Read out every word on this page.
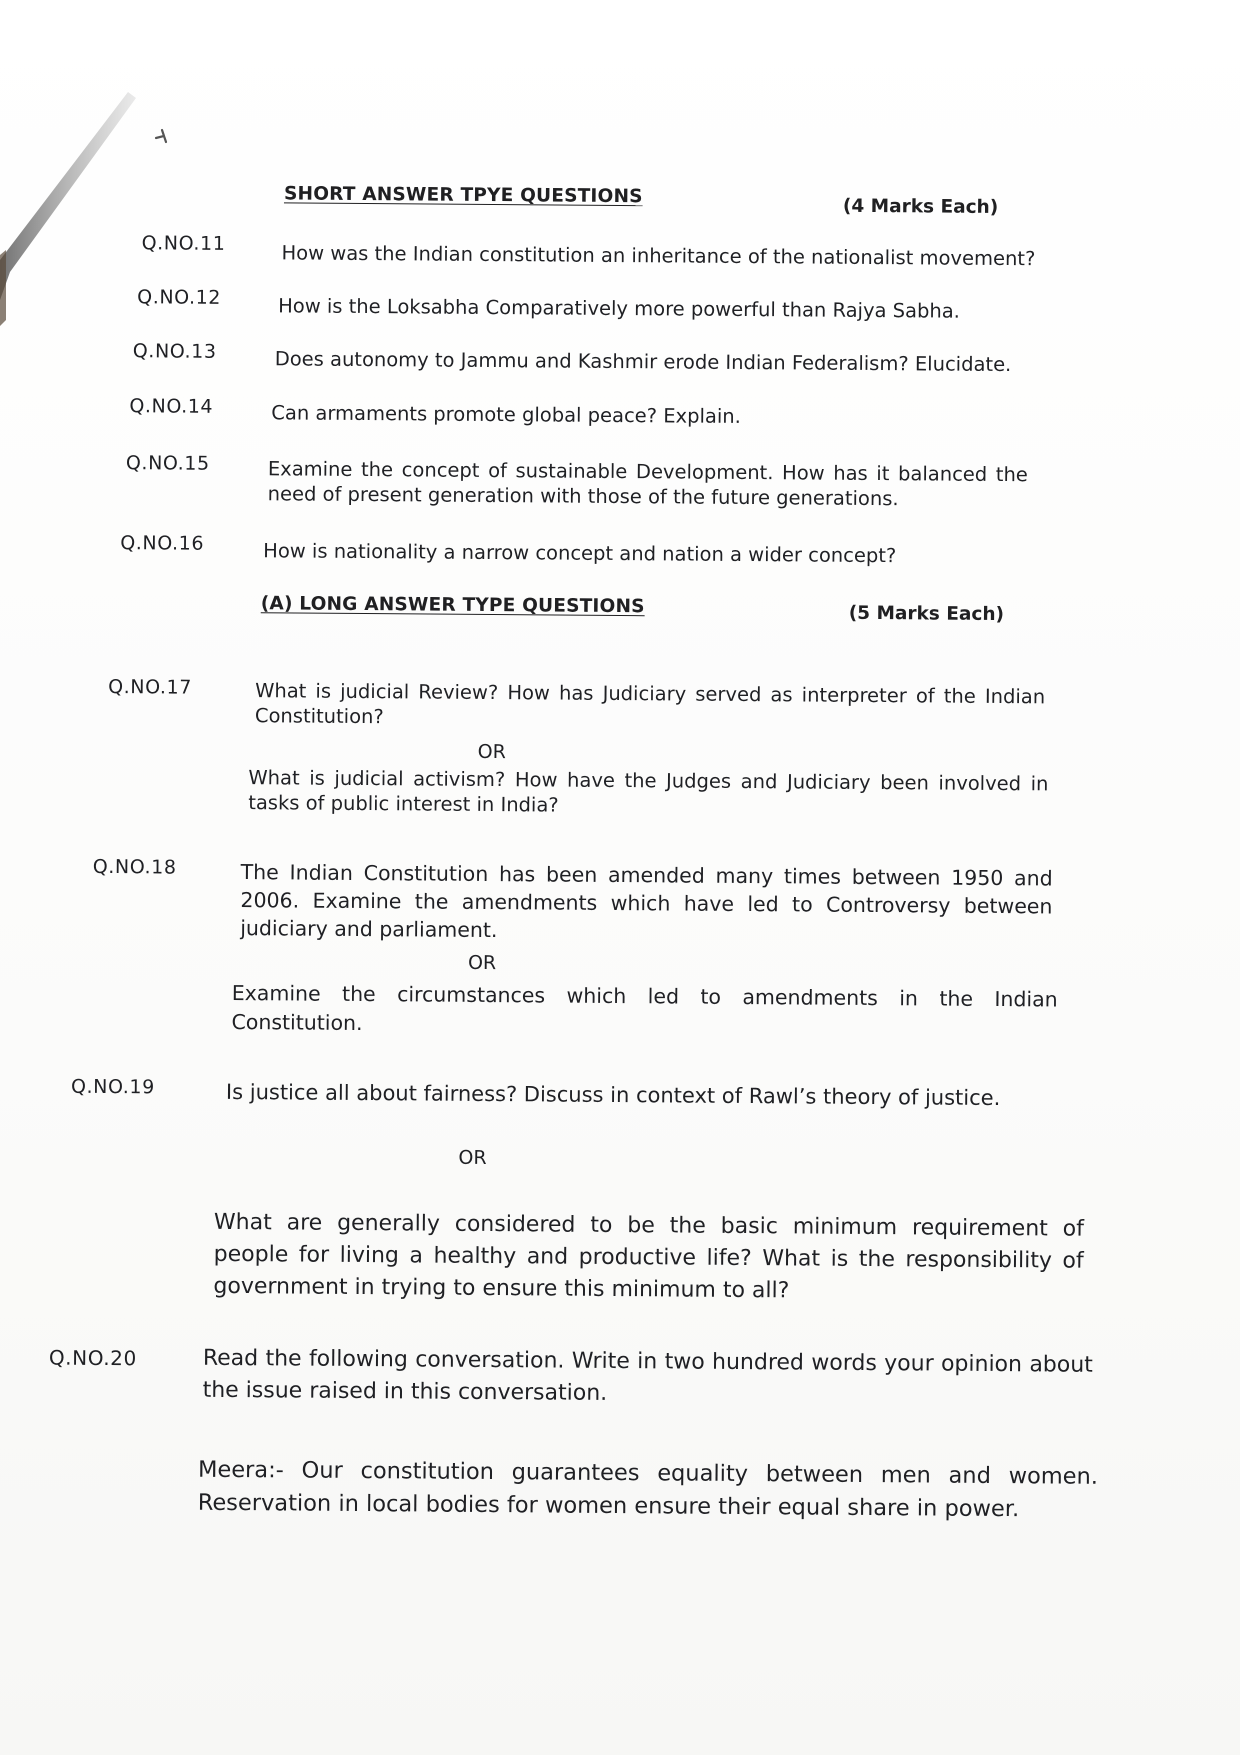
SHORT ANSWER TPYE QUESTIONS	(4 Marks Each)
Q.NO.11	How was the Indian constitution an inheritance of the nationalist movement?
Q.NO.12	How is the Loksabha Comparatively more powerful than Rajya Sabha.
Q.NO.13	Does autonomy to Jammu and Kashmir erode Indian Federalism? Elucidate.
Q.NO.14	Can armaments promote global peace? Explain.
Q.NO.15	Examine the concept of sustainable Development. How has it balanced the need of present generation with those of the future generations.
Q.NO.16	How is nationality a narrow concept and nation a wider concept?
(A) LONG ANSWER TYPE QUESTIONS	(5 Marks Each)
Q.NO.17	What is judicial Review? How has Judiciary served as interpreter of the Indian Constitution?
OR
What is judicial activism? How have the Judges and Judiciary been involved in tasks of public interest in India?
Q.NO.18	The Indian Constitution has been amended many times between 1950 and 2006. Examine the amendments which have led to Controversy between judiciary and parliament.
OR
Examine the circumstances which led to amendments in the Indian Constitution.
Q.NO.19	Is justice all about fairness? Discuss in context of Rawl’s theory of justice.
OR
What are generally considered to be the basic minimum requirement of people for living a healthy and productive life? What is the responsibility of government in trying to ensure this minimum to all?
Q.NO.20	Read the following conversation. Write in two hundred words your opinion about the issue raised in this conversation.
Meera:- Our constitution guarantees equality between men and women. Reservation in local bodies for women ensure their equal share in power.
